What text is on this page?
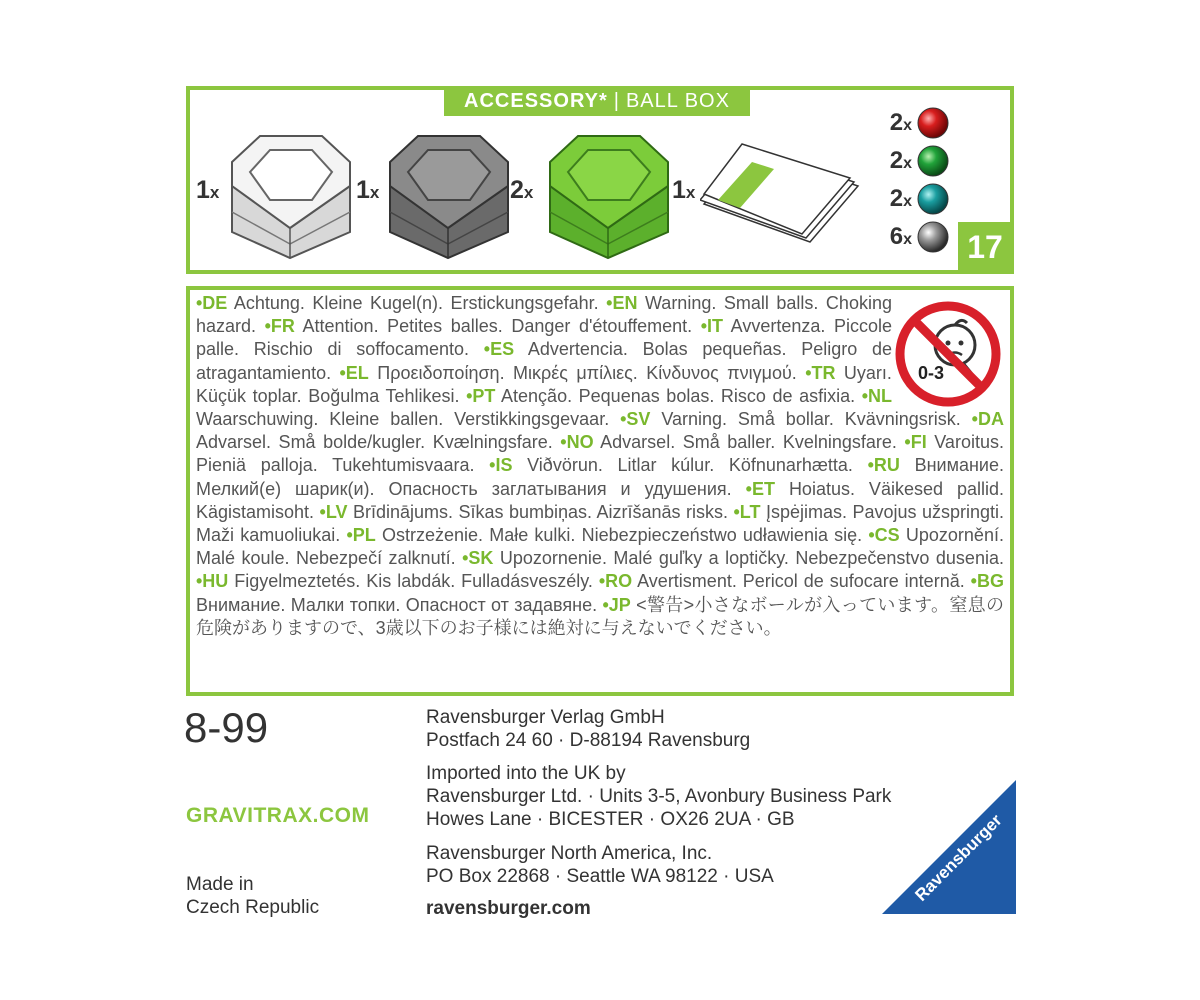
ACCESSORY* | BALL BOX
1x	1x	2x	1x
2x
2x
2x
6x 17
0-3
•DE Achtung. Kleine Kugel(n). Erstickungsgefahr. •EN Warning. Small balls. Choking hazard. •FR Attention. Petites balles. Danger d'étouffement. •IT Avvertenza. Piccole palle. Rischio di soffocamento. •ES Advertencia. Bolas pequeñas. Peligro de atragantamiento. •EL Προειδοποίηση. Μικρές μπίλιες. Κίνδυνος πνιγμού. •TR Uyarı. Küçük toplar. Boğulma Tehlikesi. •PT Atenção. Pequenas bolas. Risco de asfixia. •NL Waarschuwing. Kleine ballen. Verstikkingsgevaar. •SV Varning. Små bollar. Kvävningsrisk. •DA Advarsel. Små bolde/kugler. Kvælningsfare. •NO Advarsel. Små baller. Kvelningsfare. •FI Varoitus. Pieniä palloja. Tukehtumisvaara. •IS Viðvörun. Litlar kúlur. Köfnunarhætta. •RU Внимание. Мелкий(е) шарик(и). Опасность заглатывания и удушения. •ET Hoiatus. Väikesed pallid. Kägistamisoht. •LV Brīdinājums. Sīkas bumbiņas. Aizrīšanās risks. •LT Įspėjimas. Pavojus užspringti. Maži kamuoliukai. •PL Ostrzeżenie. Małe kulki. Niebezpieczeństwo udławienia się. •CS Upozornění. Malé koule. Nebezpečí zalknutí. •SK Upozornenie. Malé guľky a loptičky. Nebezpečenstvo dusenia. •HU Figyelmeztetés. Kis labdák. Fulladásveszély. •RO Avertisment. Pericol de sufocare internă. •BG Внимание. Малки топки. Опасност от задавяне. •JP <警告>小さなボールが入っています。窒息の危険がありますので、3歳以下のお子様には絶対に与えないでください。
8-99
GRAVITRAX.COM
Made in
Czech Republic
Ravensburger Verlag GmbH
Postfach 24 60 · D-88194 Ravensburg
Imported into the UK by
Ravensburger Ltd. · Units 3-5, Avonbury Business Park
Howes Lane · BICESTER · OX26 2UA · GB
Ravensburger North America, Inc.
PO Box 22868 · Seattle WA 98122 · USA
ravensburger.com
Ravensburger
